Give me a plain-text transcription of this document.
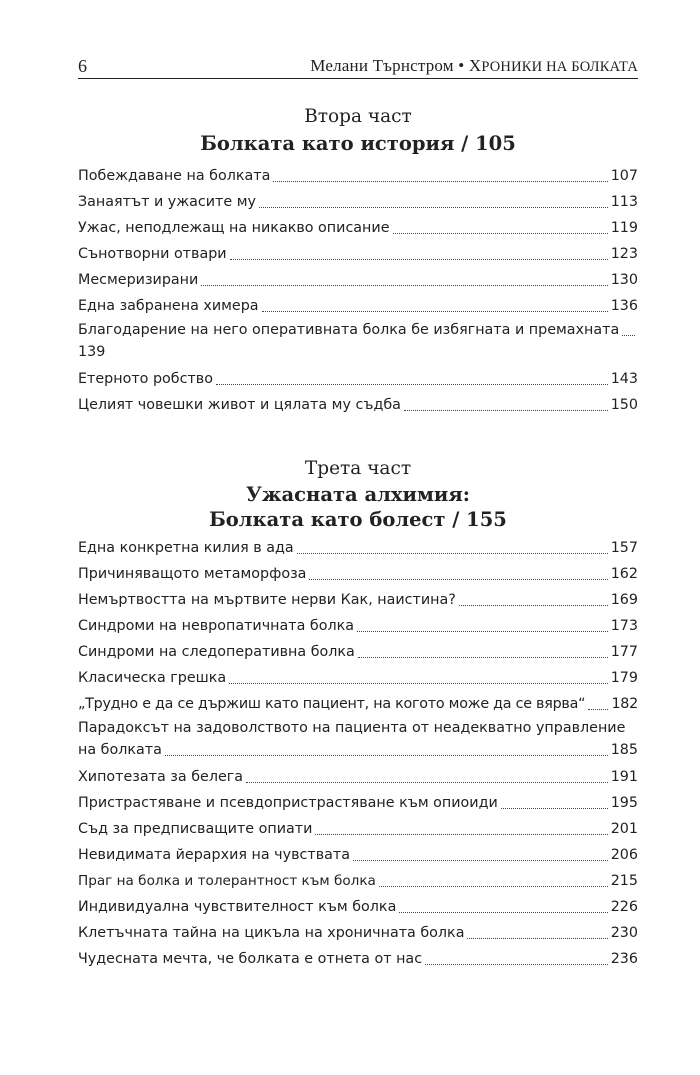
6	Мелани Търнстром • ХРОНИКИ НА БОЛКАТА
Втора част
Болката като история / 105
Побеждаване на болката	107
Занаятът и ужасите му	113
Ужас, неподлежащ на никакво описание	119
Сънотворни отвари	123
Месмеризирани	130
Една забранена химера	136
Благодарение на него оперативната болка бе избягната и премахната
139
Етерното робство	143
Целият човешки живот и цялата му съдба	150
Трета част
Ужасната алхимия:
Болката като болест / 155
Една конкретна килия в ада	157
Причиняващото метаморфоза	162
Немъртвостта на мъртвите нерви Как, наистина?	169
Синдроми на невропатичната болка	173
Синдроми на следоперативна болка	177
Класическа грешка	179
„Трудно е да се държиш като пациент, на когото може да се вярва“ 182
Парадоксът на задоволството на пациента от неадекватно управление
на болката	185
Хипотезата за белега	191
Пристрастяване и псевдопристрастяване към опиоиди	195
Съд за предписващите опиати	201
Невидимата йерархия на чувствата	206
Праг на болка и толерантност към болка	215
Индивидуална чувствителност към болка	226
Клетъчната тайна на цикъла на хроничната болка	230
Чудесната мечта, че болката е отнета от нас	236
